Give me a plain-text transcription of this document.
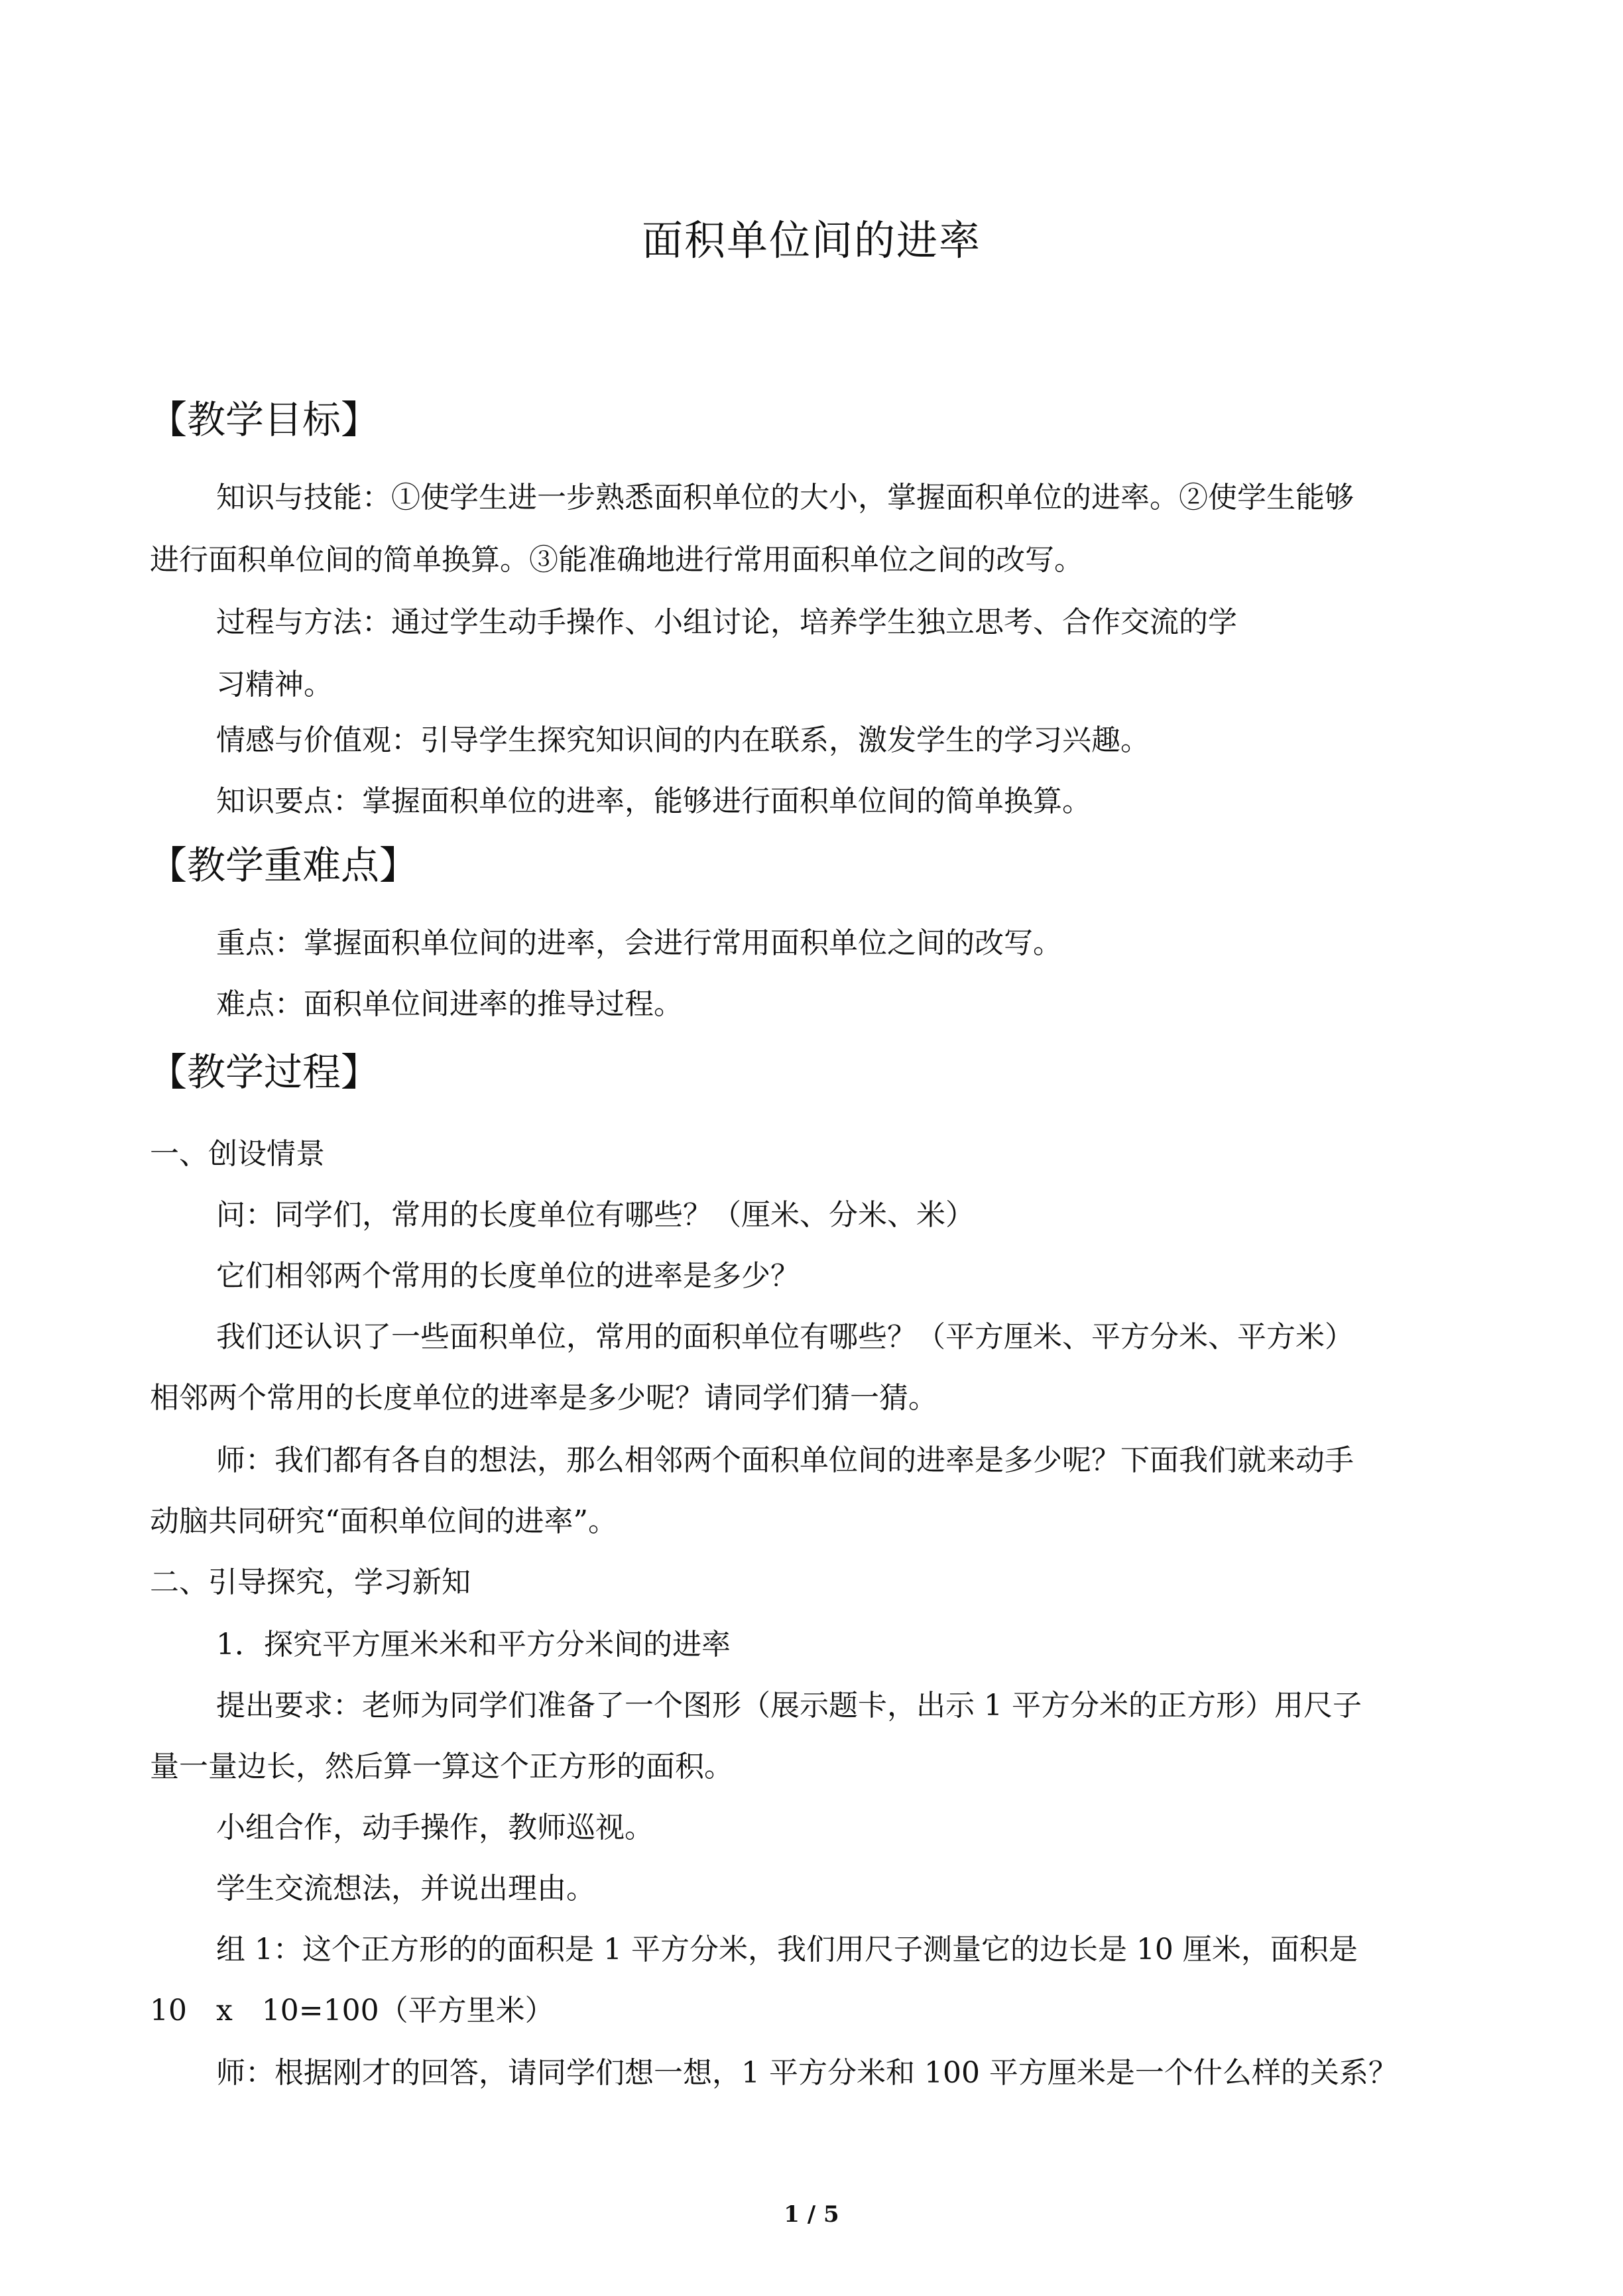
面积单位间的进率
【教学目标】
知识与技能：①使学生进一步熟悉面积单位的大小，掌握面积单位的进率。②使学生能够
进行面积单位间的简单换算。③能准确地进行常用面积单位之间的改写。
过程与方法：通过学生动手操作、小组讨论，培养学生独立思考、合作交流的学
习精神。
情感与价值观：引导学生探究知识间的内在联系，激发学生的学习兴趣。
知识要点：掌握面积单位的进率，能够进行面积单位间的简单换算。
【教学重难点】
重点：掌握面积单位间的进率，会进行常用面积单位之间的改写。
难点：面积单位间进率的推导过程。
【教学过程】
一、创设情景
问：同学们，常用的长度单位有哪些？（厘米、分米、米）
它们相邻两个常用的长度单位的进率是多少？
我们还认识了一些面积单位，常用的面积单位有哪些？（平方厘米、平方分米、平方米）
相邻两个常用的长度单位的进率是多少呢？请同学们猜一猜。
师：我们都有各自的想法，那么相邻两个面积单位间的进率是多少呢？下面我们就来动手
动脑共同研究“面积单位间的进率”。
二、引导探究，学习新知
1．探究平方厘米米和平方分米间的进率
提出要求：老师为同学们准备了一个图形（展示题卡，出示 1 平方分米的正方形）用尺子
量一量边长，然后算一算这个正方形的面积。
小组合作，动手操作，教师巡视。
学生交流想法，并说出理由。
组 1：这个正方形的的面积是 1 平方分米，我们用尺子测量它的边长是 10 厘米，面积是
10　x　10=100（平方里米）
师：根据刚才的回答，请同学们想一想，1 平方分米和 100 平方厘米是一个什么样的关系？
1 / 5
